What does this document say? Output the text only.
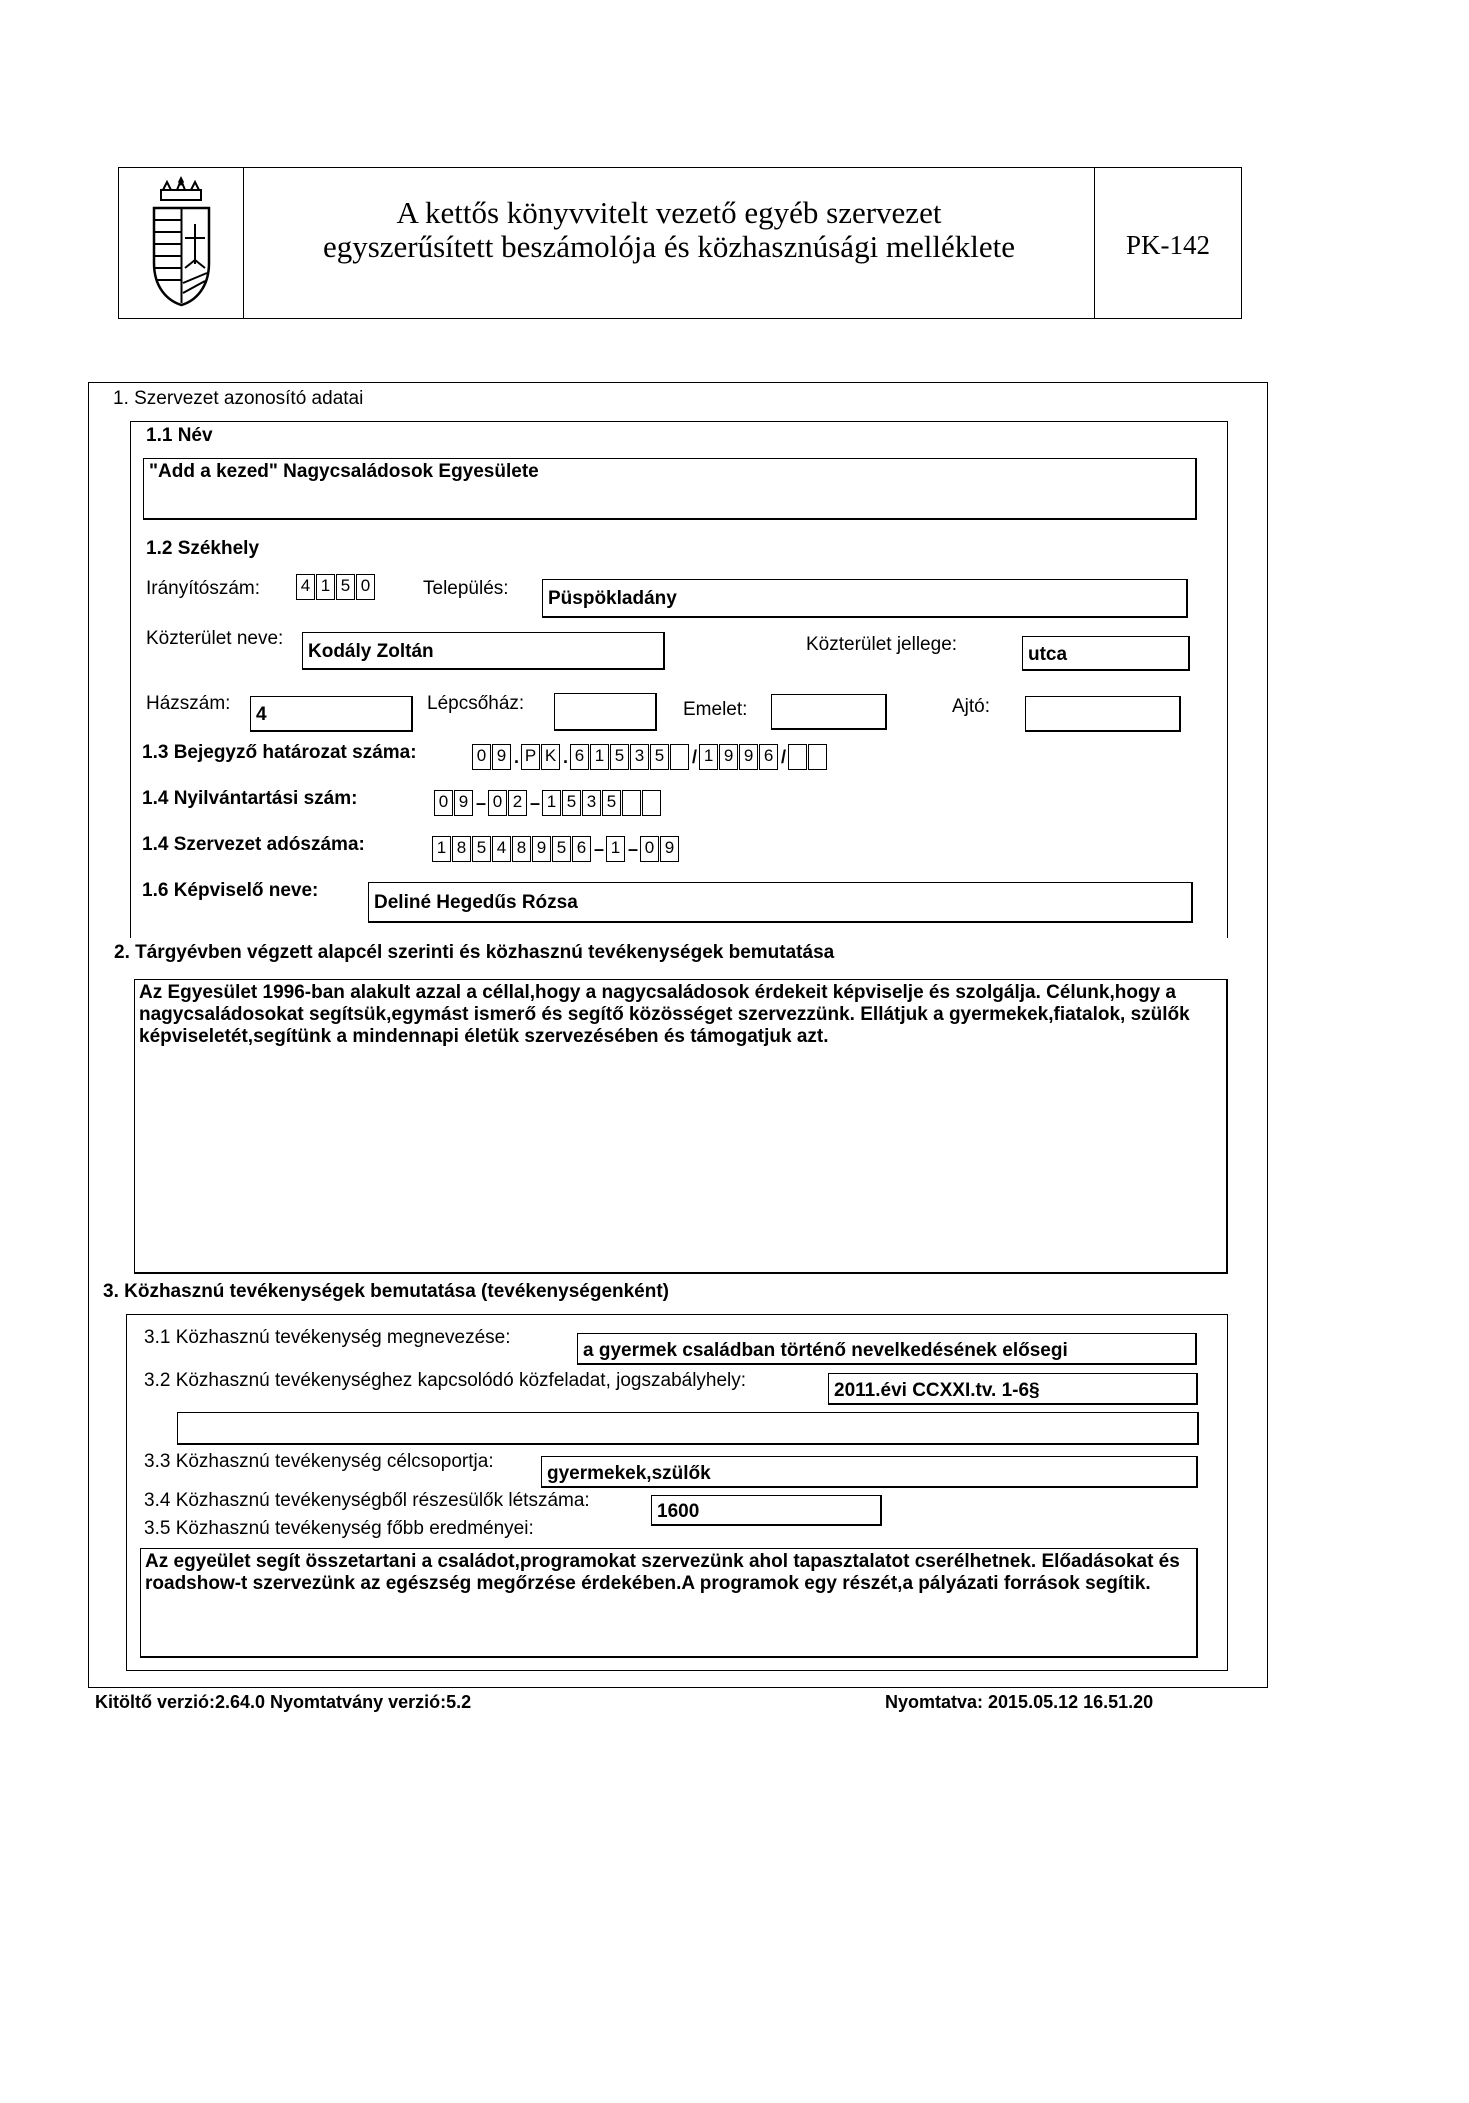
A kettős könyvvitelt vezető egyéb szervezet
egyszerűsített beszámolója és közhasznúsági melléklete	PK-142
1. Szervezet azonosító adatai
1.1 Név
"Add a kezed" Nagycsaládosok Egyesülete
1.2 Székhely
Irányítószám: 4 1 5 0	Település:	Püspökladány
Közterület neve:
Kodály Zoltán	Közterület jellege:	utca
Házszám:
4
Lépcsőház:	Emelet:	Ajtó:
1.3 Bejegyző határozat száma:	0 9 . P K . 6 1 5 3 5 / 1 9 9 6 /
1.4 Nyilvántartási szám:	0 9 – 0 2 – 1 5 3 5
1.4 Szervezet adószáma:	1 8 5 4 8 9 5 6 – 1 – 0 9
1.6 Képviselő neve:
Deliné Hegedűs Rózsa
2. Tárgyévben végzett alapcél szerinti és közhasznú tevékenységek bemutatása
Az Egyesület 1996-ban alakult azzal a céllal,hogy a nagycsaládosok érdekeit képviselje és szolgálja. Célunk,hogy a nagycsaládosokat segítsük,egymást ismerő és segítő közösséget szervezzünk. Ellátjuk a gyermekek,fiatalok, szülők képviseletét,segítünk a mindennapi életük szervezésében és támogatjuk azt.
3. Közhasznú tevékenységek bemutatása (tevékenységenként)
3.1 Közhasznú tevékenység megnevezése:
a gyermek családban történő nevelkedésének elősegi
3.2 Közhasznú tevékenységhez kapcsolódó közfeladat, jogszabályhely:	2011.évi CCXXI.tv. 1-6§
3.3 Közhasznú tevékenység célcsoportja:
gyermekek,szülők
3.4 Közhasznú tevékenységből részesülők létszáma:
1600
3.5 Közhasznú tevékenység főbb eredményei:
Az egyeület segít összetartani a családot,programokat szervezünk ahol tapasztalatot cserélhetnek. Előadásokat és roadshow-t szervezünk az egészség megőrzése érdekében.A programok egy részét,a pályázati források segítik.
Kitöltő verzió:2.64.0 Nyomtatvány verzió:5.2	Nyomtatva: 2015.05.12 16.51.20
